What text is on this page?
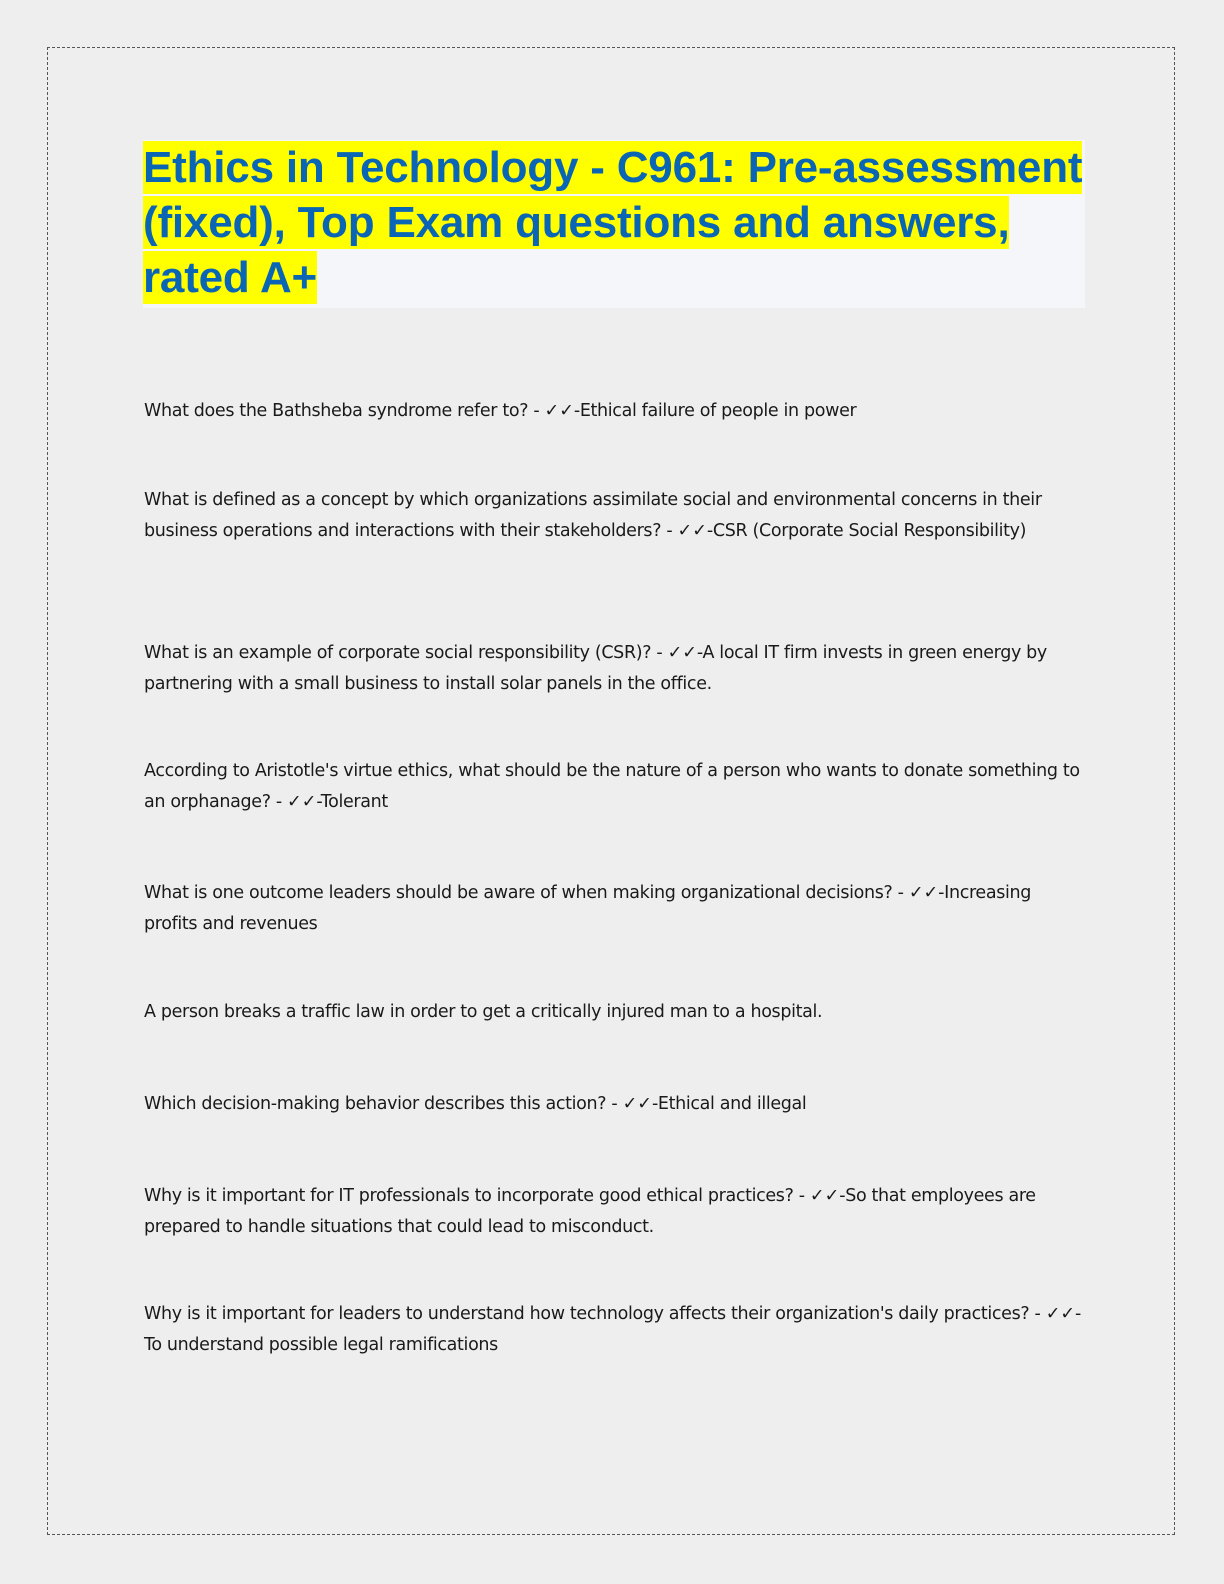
Ethics in Technology - C961: Pre-assessment (fixed), Top Exam questions and answers, rated A+

What does the Bathsheba syndrome refer to? - ✓✓-Ethical failure of people in power

What is defined as a concept by which organizations assimilate social and environmental concerns in their business operations and interactions with their stakeholders? - ✓✓-CSR (Corporate Social Responsibility)

What is an example of corporate social responsibility (CSR)? - ✓✓-A local IT firm invests in green energy by partnering with a small business to install solar panels in the office.

According to Aristotle's virtue ethics, what should be the nature of a person who wants to donate something to an orphanage? - ✓✓-Tolerant

What is one outcome leaders should be aware of when making organizational decisions? - ✓✓-Increasing profits and revenues

A person breaks a traffic law in order to get a critically injured man to a hospital.

Which decision-making behavior describes this action? - ✓✓-Ethical and illegal

Why is it important for IT professionals to incorporate good ethical practices? - ✓✓-So that employees are prepared to handle situations that could lead to misconduct.

Why is it important for leaders to understand how technology affects their organization's daily practices? - ✓✓-To understand possible legal ramifications
